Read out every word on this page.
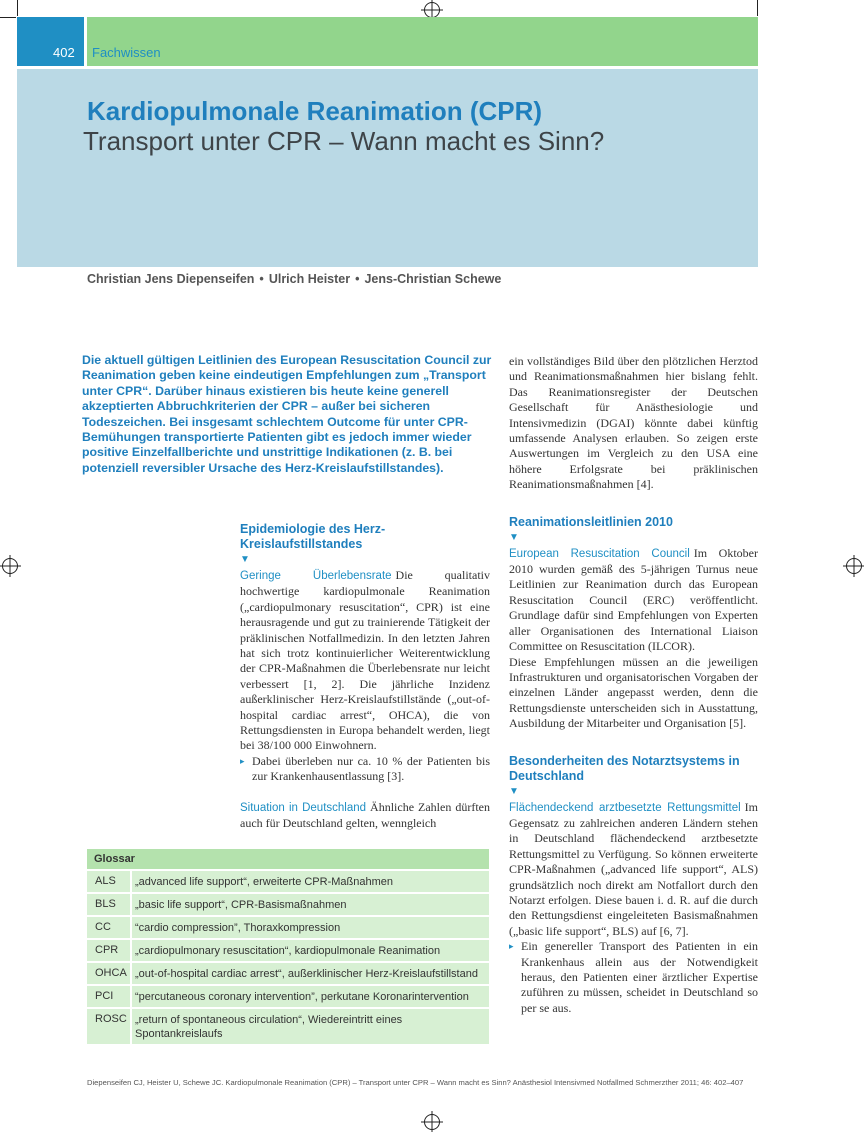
402	Fachwissen
Kardiopulmonale Reanimation (CPR)
Transport unter CPR – Wann macht es Sinn?
Christian Jens Diepenseifen • Ulrich Heister • Jens-Christian Schewe
Die aktuell gültigen Leitlinien des European Resuscitation Council zur Reanimation geben keine eindeutigen Empfehlungen zum „Transport unter CPR“. Darüber hinaus existieren bis heute keine generell akzeptierten Abbruchkriterien der CPR – außer bei sicheren Todeszeichen. Bei insgesamt schlechtem Outcome für unter CPR-Bemühungen transportierte Patienten gibt es jedoch immer wieder positive Einzelfallberichte und unstrittige Indikationen (z. B. bei potenziell reversibler Ursache des Herz-Kreislaufstillstandes).
Epidemiologie des Herz-Kreislaufstillstandes
▼

Geringe Überlebensrate Die qualitativ hochwertige kardiopulmonale Reanimation („cardiopulmonary resuscitation“, CPR) ist eine herausragende und gut zu trainierende Tätigkeit der präklinischen Notfallmedizin. In den letzten Jahren hat sich trotz kontinuierlicher Weiterentwicklung der CPR-Maßnahmen die Überlebensrate nur leicht verbessert [1, 2]. Die jährliche Inzidenz außerklinischer Herz-Kreislaufstillstände („out-of-hospital cardiac arrest“, OHCA), die von Rettungsdiensten in Europa behandelt werden, liegt bei 38/100 000 Einwohnern.

▸ Dabei überleben nur ca. 10 % der Patienten bis zur Krankenhausentlassung [3].

Situation in Deutschland Ähnliche Zahlen dürften auch für Deutschland gelten, wenngleich

ein vollständiges Bild über den plötzlichen Herztod und Reanimationsmaßnahmen hier bislang fehlt. Das Reanimationsregister der Deutschen Gesellschaft für Anästhesiologie und Intensivmedizin (DGAI) könnte dabei künftig umfassende Analysen erlauben. So zeigen erste Auswertungen im Vergleich zu den USA eine höhere Erfolgsrate bei präklinischen Reanimationsmaßnahmen [4].

Reanimationsleitlinien 2010
▼

European Resuscitation Council Im Oktober 2010 wurden gemäß des 5-jährigen Turnus neue Leitlinien zur Reanimation durch das European Resuscitation Council (ERC) veröffentlicht. Grundlage dafür sind Empfehlungen von Experten aller Organisationen des International Liaison Committee on Resuscitation (ILCOR).

Diese Empfehlungen müssen an die jeweiligen Infrastrukturen und organisatorischen Vorgaben der einzelnen Länder angepasst werden, denn die Rettungsdienste unterscheiden sich in Ausstattung, Ausbildung der Mitarbeiter und Organisation [5].

Besonderheiten des Notarztsystems in Deutschland
▼

Flächendeckend arztbesetzte Rettungsmittel Im Gegensatz zu zahlreichen anderen Ländern stehen in Deutschland flächendeckend arztbesetzte Rettungsmittel zu Verfügung. So können erweiterte CPR-Maßnahmen („advanced life support“, ALS) grundsätzlich noch direkt am Notfallort durch den Notarzt erfolgen. Diese bauen i. d. R. auf die durch den Rettungsdienst eingeleiteten Basismaßnahmen („basic life support“, BLS) auf [6, 7].

▸ Ein genereller Transport des Patienten in ein Krankenhaus allein aus der Notwendigkeit heraus, den Patienten einer ärztlicher Expertise zuführen zu müssen, scheidet in Deutschland so per se aus.
Glossar
ALS	„advanced life support“, erweiterte CPR-Maßnahmen
BLS	„basic life support“, CPR-Basismaßnahmen
CC	“cardio compression”, Thoraxkompression
CPR	„cardiopulmonary resuscitation“, kardiopulmonale Reanimation
OHCA „out-of-hospital cardiac arrest“, außerklinischer Herz-Kreislaufstillstand
PCI	“percutaneous coronary intervention”, perkutane Koronarintervention
ROSC „return of spontaneous circulation“, Wiedereintritt eines Spontankreislaufs
Diepenseifen CJ, Heister U, Schewe JC. Kardiopulmonale Reanimation (CPR) – Transport unter CPR – Wann macht es Sinn? Anästhesiol Intensivmed Notfallmed Schmerzther 2011; 46: 402–407
